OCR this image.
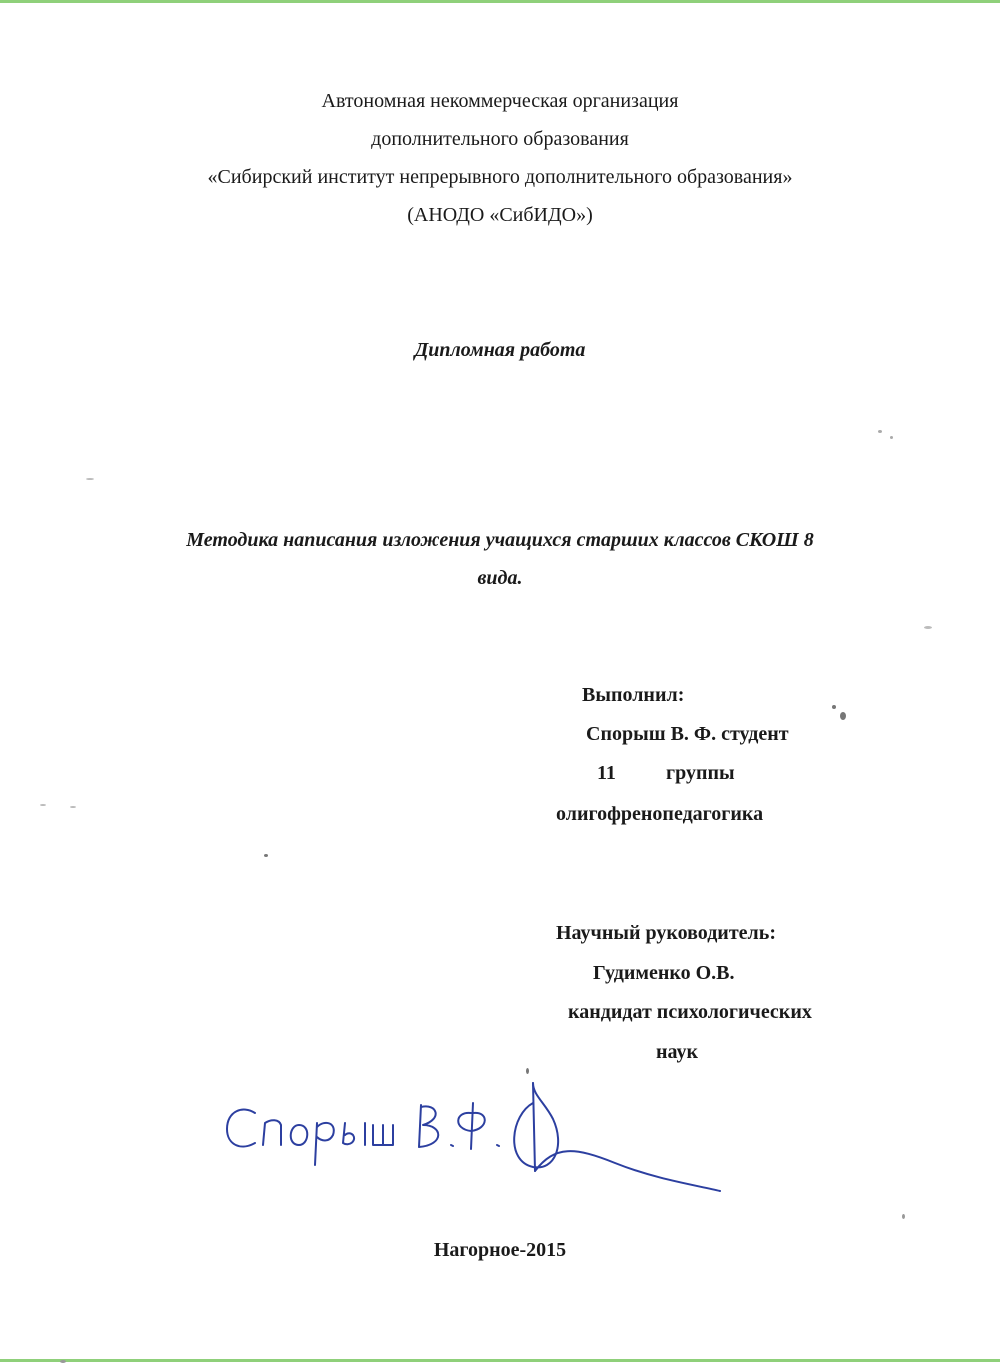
Автономная некоммерческая организация
дополнительного образования
«Сибирский институт непрерывного дополнительного образования»
(АНОДО «СибИДО»)
Дипломная работа
Методика написания изложения учащихся старших классов СКОШ 8
вида.
Выполнил:
Спорыш В. Ф. студент
11	группы
олигофренопедагогика
Научный руководитель:
Гудименко О.В.
кандидат психологических
наук
Нагорное-2015
